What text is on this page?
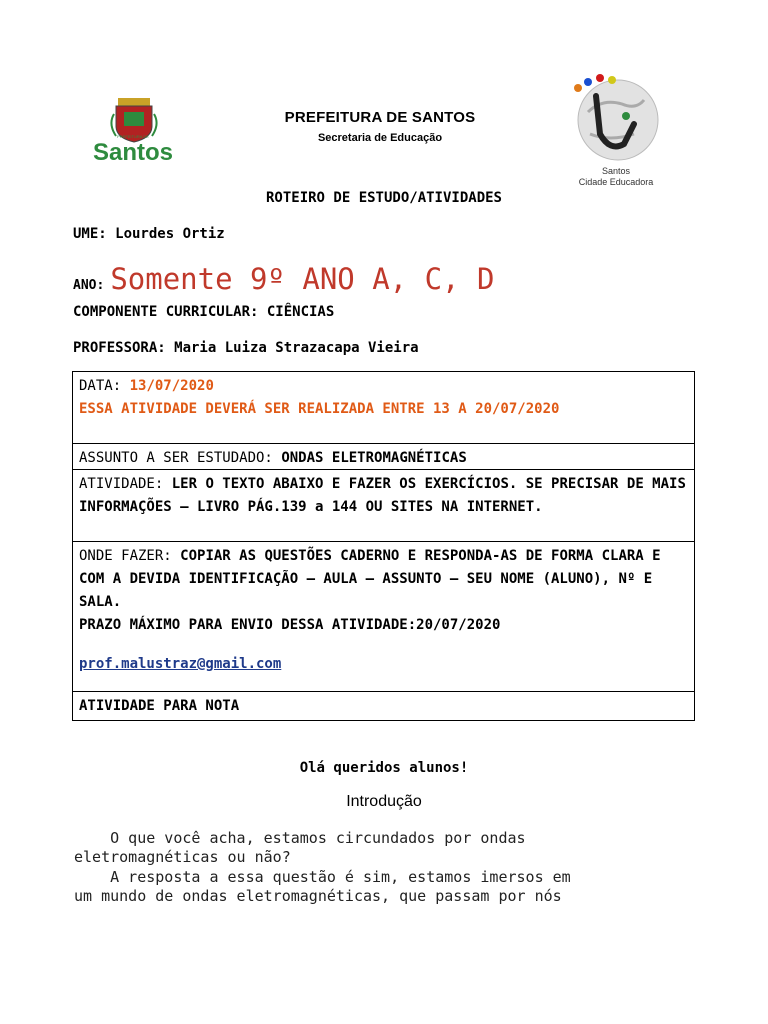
PREFEITURA DE
Santos
PREFEITURA DE SANTOS
Secretaria de Educação
Santos
Cidade Educadora
ROTEIRO DE ESTUDO/ATIVIDADES
UME: Lourdes Ortiz
ANO: Somente 9º ANO A, C, D
COMPONENTE CURRICULAR: CIÊNCIAS
PROFESSORA: Maria Luiza Strazacapa Vieira
DATA: 13/07/2020
ESSA ATIVIDADE DEVERÁ SER REALIZADA ENTRE 13 A 20/07/2020
ASSUNTO A SER ESTUDADO: ONDAS ELETROMAGNÉTICAS
ATIVIDADE: LER O TEXTO ABAIXO E FAZER OS EXERCÍCIOS. SE PRECISAR DE MAIS INFORMAÇÕES – LIVRO PÁG.139 a 144 OU SITES NA INTERNET.
ONDE FAZER: COPIAR AS QUESTÕES CADERNO E RESPONDA-AS DE FORMA CLARA E COM A DEVIDA IDENTIFICAÇÃO – AULA – ASSUNTO – SEU NOME (ALUNO), Nº E SALA.
PRAZO MÁXIMO PARA ENVIO DESSA ATIVIDADE:20/07/2020
prof.malustraz@gmail.com
ATIVIDADE PARA NOTA
Olá queridos alunos!
Introdução
O que você acha, estamos circundados por ondas
eletromagnéticas ou não?
A resposta a essa questão é sim, estamos imersos em
um mundo de ondas eletromagnéticas, que passam por nós
